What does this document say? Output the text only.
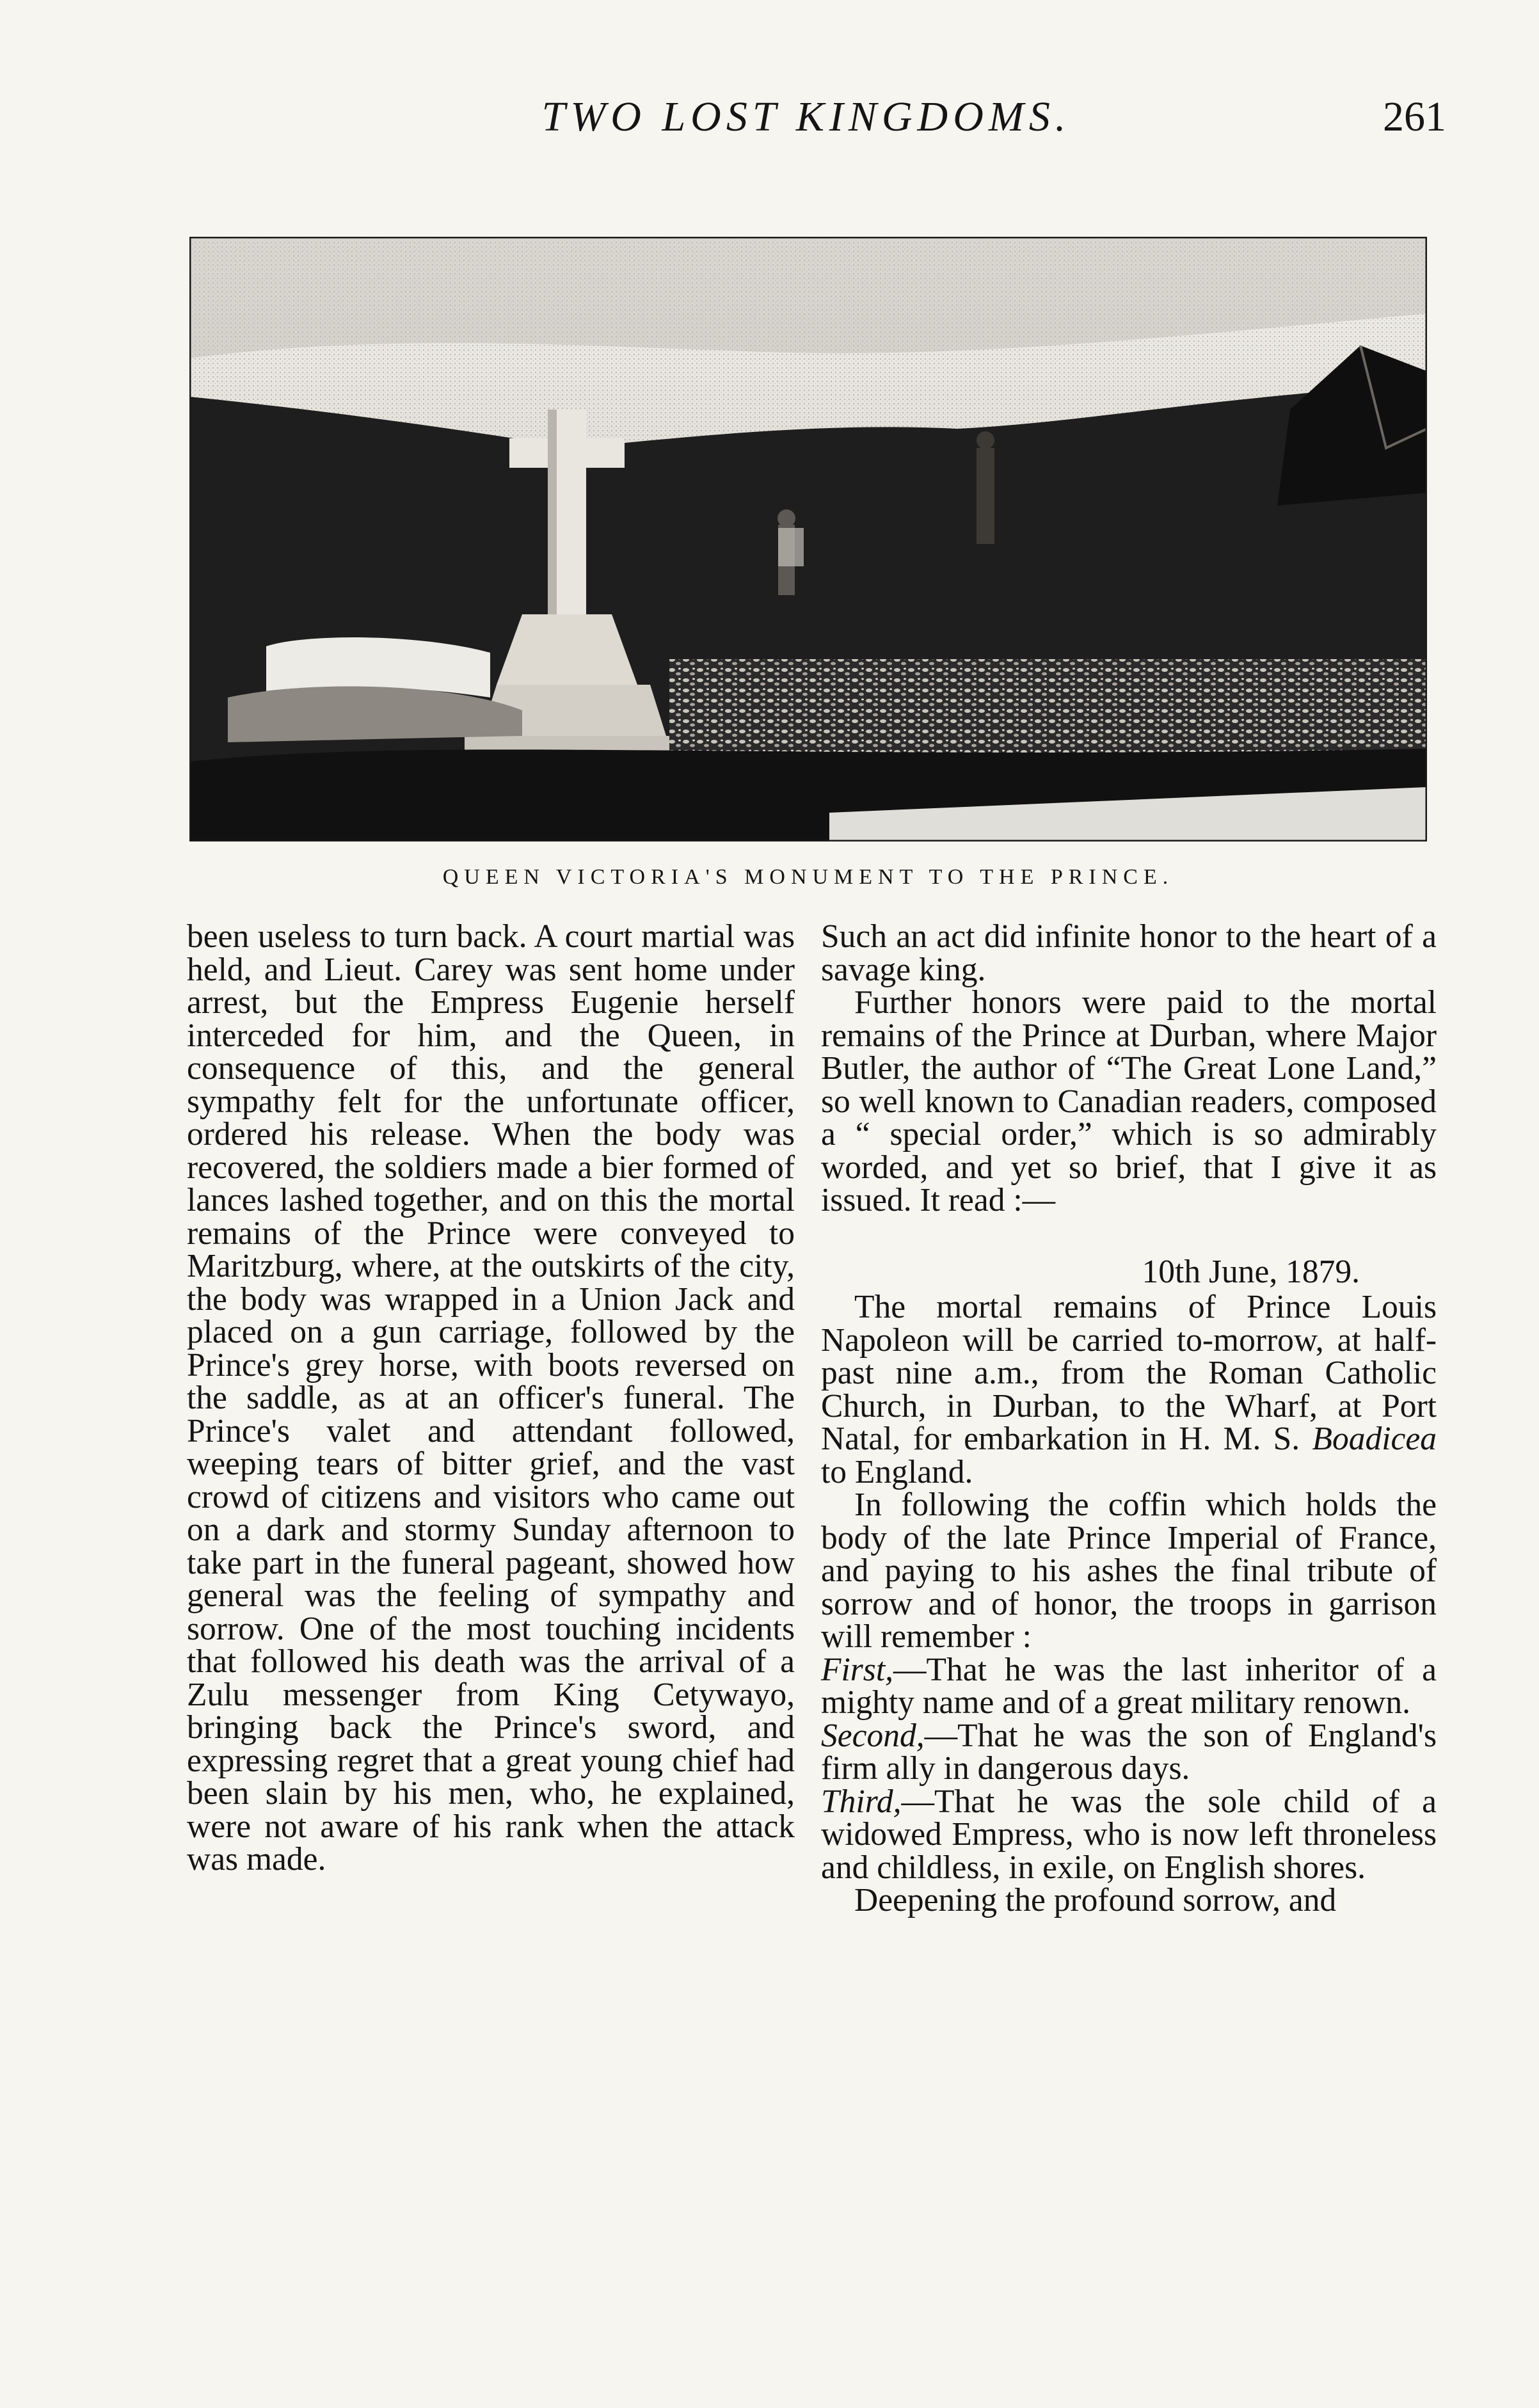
TWO LOST KINGDOMS.	261
QUEEN VICTORIA'S MONUMENT TO THE PRINCE.

been useless to turn back. A court martial was held, and Lieut. Carey was sent home under arrest, but the Empress Eugenie herself interceded for him, and the Queen, in consequence of this, and the general sympathy felt for the unfortunate officer, ordered his release. When the body was recovered, the soldiers made a bier formed of lances lashed together, and on this the mortal remains of the Prince were conveyed to Maritzburg, where, at the outskirts of the city, the body was wrapped in a Union Jack and placed on a gun carriage, followed by the Prince's grey horse, with boots reversed on the saddle, as at an officer's funeral. The Prince's valet and attendant followed, weeping tears of bitter grief, and the vast crowd of citizens and visitors who came out on a dark and stormy Sunday afternoon to take part in the funeral pageant, showed how general was the feeling of sympathy and sorrow. One of the most touching incidents that followed his death was the arrival of a Zulu messenger from King Cetywayo, bringing back the Prince's sword, and expressing regret that a great young chief had been slain by his men, who, he explained, were not aware of his rank when the attack was made.

Such an act did infinite honor to the heart of a savage king.

Further honors were paid to the mortal remains of the Prince at Durban, where Major Butler, the author of “The Great Lone Land,” so well known to Canadian readers, composed a “ special order,” which is so admirably worded, and yet so brief, that I give it as issued. It read :—

10th June, 1879.

The mortal remains of Prince Louis Napoleon will be carried to-morrow, at half-past nine a.m., from the Roman Catholic Church, in Durban, to the Wharf, at Port Natal, for embarkation in H. M. S. Boadicea to England.

In following the coffin which holds the body of the late Prince Imperial of France, and paying to his ashes the final tribute of sorrow and of honor, the troops in garrison will remember :

First,—That he was the last inheritor of a mighty name and of a great military renown.

Second,—That he was the son of England's firm ally in dangerous days.

Third,—That he was the sole child of a widowed Empress, who is now left throneless and childless, in exile, on English shores.

Deepening the profound sorrow, and
